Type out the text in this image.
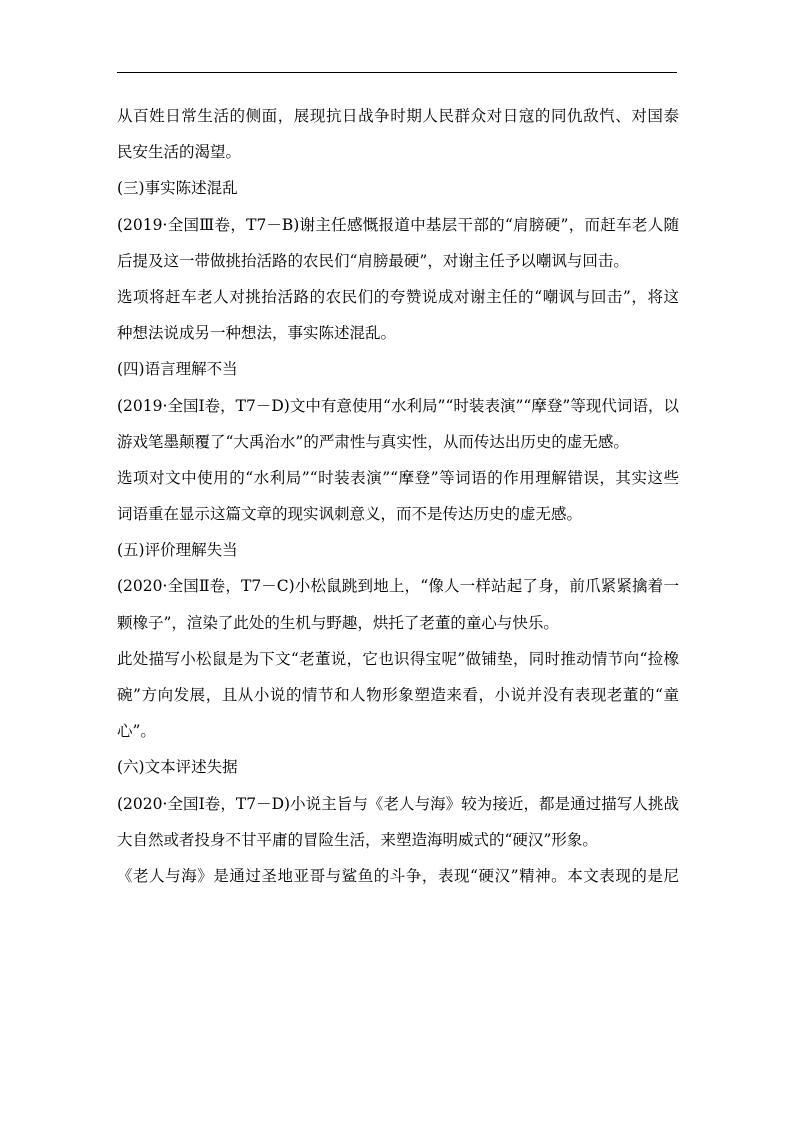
从百姓日常生活的侧面，展现抗日战争时期人民群众对日寇的同仇敌忾、对国泰
民安生活的渴望。
(三)事实陈述混乱
(2019·全国Ⅲ卷，T7－B)谢主任感慨报道中基层干部的“肩膀硬”，而赶车老人随
后提及这一带做挑抬活路的农民们“肩膀最硬”，对谢主任予以嘲讽与回击。
选项将赶车老人对挑抬活路的农民们的夸赞说成对谢主任的“嘲讽与回击”，将这
种想法说成另一种想法，事实陈述混乱。
(四)语言理解不当
(2019·全国Ⅰ卷，T7－D)文中有意使用“水利局”“时装表演”“摩登”等现代词语，以
游戏笔墨颠覆了“大禹治水”的严肃性与真实性，从而传达出历史的虚无感。
选项对文中使用的“水利局”“时装表演”“摩登”等词语的作用理解错误，其实这些
词语重在显示这篇文章的现实讽刺意义，而不是传达历史的虚无感。
(五)评价理解失当
(2020·全国Ⅱ卷，T7－C)小松鼠跳到地上，“像人一样站起了身，前爪紧紧擒着一
颗橡子”，渲染了此处的生机与野趣，烘托了老董的童心与快乐。
此处描写小松鼠是为下文“老董说，它也识得宝呢”做铺垫，同时推动情节向“捡橡
碗”方向发展，且从小说的情节和人物形象塑造来看，小说并没有表现老董的“童
心”。
(六)文本评述失据
(2020·全国Ⅰ卷，T7－D)小说主旨与《老人与海》较为接近，都是通过描写人挑战
大自然或者投身不甘平庸的冒险生活，来塑造海明威式的“硬汉”形象。
《老人与海》是通过圣地亚哥与鲨鱼的斗争，表现“硬汉”精神。本文表现的是尼
